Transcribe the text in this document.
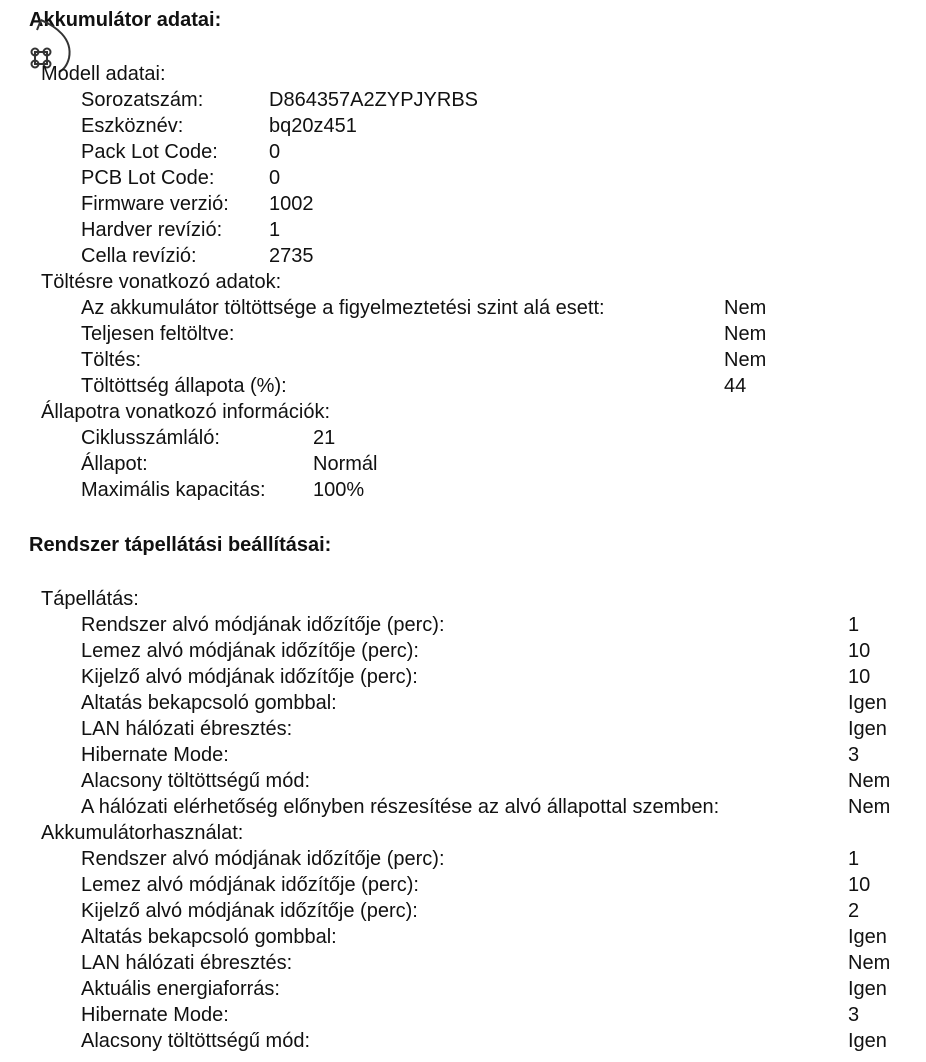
Akkumulátor adatai:
Modell adatai:
Sorozatszám:	D864357A2ZYPJYRBS
Eszköznév:	bq20z451
Pack Lot Code:	0
PCB Lot Code:	0
Firmware verzió: 1002
Hardver revízió: 1
Cella revízió:	2735
Töltésre vonatkozó adatok:
Az akkumulátor töltöttsége a figyelmeztetési szint alá esett:	Nem
Teljesen feltöltve:	Nem
Töltés:	Nem
Töltöttség állapota (%):	44
Állapotra vonatkozó információk:
Ciklusszámláló:	21
Állapot:	Normál
Maximális kapacitás: 100%
Rendszer tápellátási beállításai:
Tápellátás:
Rendszer alvó módjának időzítője (perc):	1
Lemez alvó módjának időzítője (perc):	10
Kijelző alvó módjának időzítője (perc):	10
Altatás bekapcsoló gombbal:	Igen
LAN hálózati ébresztés:	Igen
Hibernate Mode:	3
Alacsony töltöttségű mód:	Nem
A hálózati elérhetőség előnyben részesítése az alvó állapottal szemben:	Nem
Akkumulátorhasználat:
Rendszer alvó módjának időzítője (perc):	1
Lemez alvó módjának időzítője (perc):	10
Kijelző alvó módjának időzítője (perc):	2
Altatás bekapcsoló gombbal:	Igen
LAN hálózati ébresztés:	Nem
Aktuális energiaforrás:	Igen
Hibernate Mode:	3
Alacsony töltöttségű mód:	Igen
